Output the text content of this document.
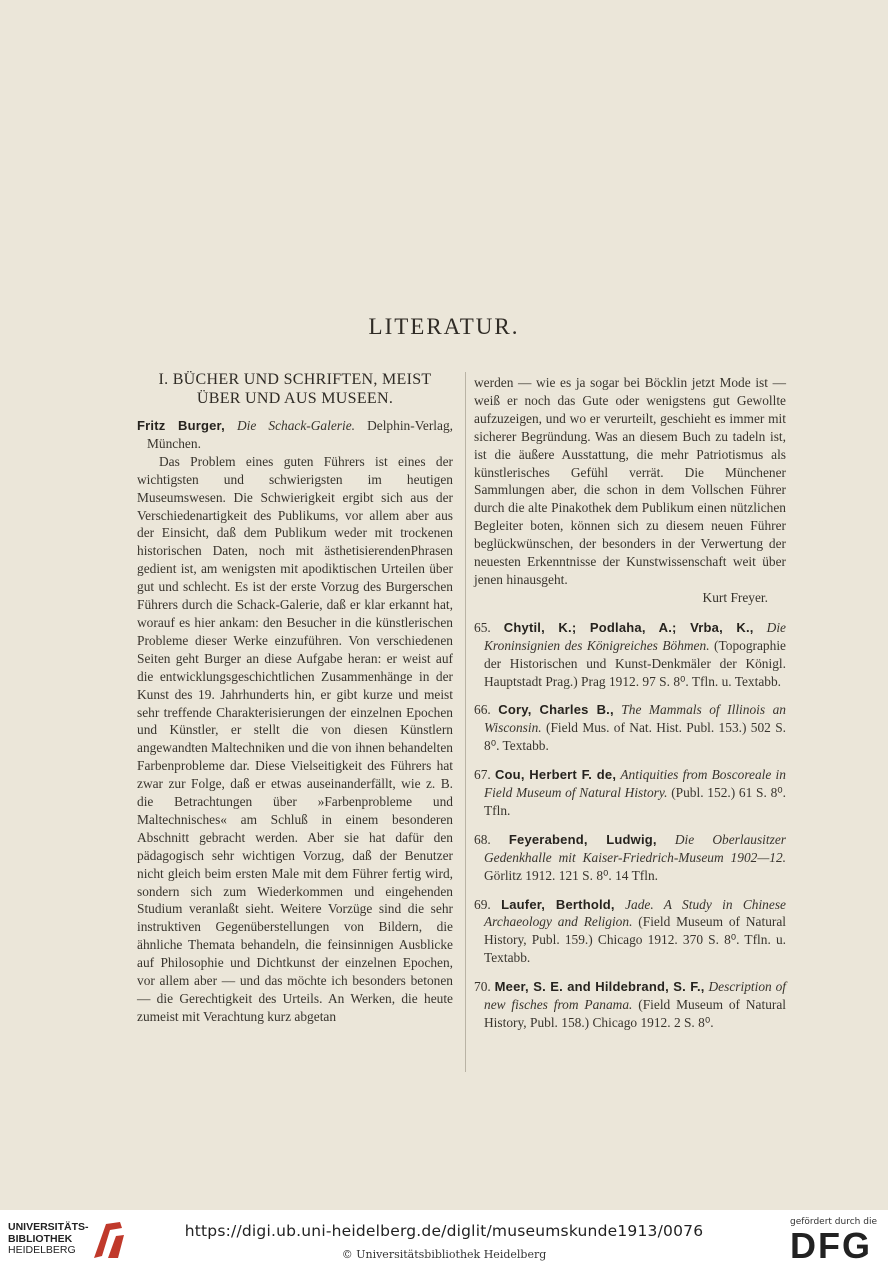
LITERATUR.
I. BÜCHER UND SCHRIFTEN, MEIST
ÜBER UND AUS MUSEEN.

Fritz Burger, Die Schack-Galerie. Delphin-Verlag, München.

Das Problem eines guten Führers ist eines der wichtigsten und schwierigsten im heutigen Museumswesen. Die Schwierigkeit ergibt sich aus der Verschiedenartigkeit des Publikums, vor allem aber aus der Einsicht, daß dem Publikum weder mit trockenen historischen Daten, noch mit ästhetisierendenPhrasen gedient ist, am wenigsten mit apodiktischen Urteilen über gut und schlecht. Es ist der erste Vorzug des Burgerschen Führers durch die Schack-Galerie, daß er klar erkannt hat, worauf es hier ankam: den Besucher in die künstlerischen Probleme dieser Werke einzuführen. Von verschiedenen Seiten geht Burger an diese Aufgabe heran: er weist auf die entwicklungsgeschichtlichen Zusammenhänge in der Kunst des 19. Jahrhunderts hin, er gibt kurze und meist sehr treffende Charakterisierungen der einzelnen Epochen und Künstler, er stellt die von diesen Künstlern angewandten Maltechniken und die von ihnen behandelten Farbenprobleme dar. Diese Vielseitigkeit des Führers hat zwar zur Folge, daß er etwas auseinanderfällt, wie z. B. die Betrachtungen über »Farbenprobleme und Maltechnisches« am Schluß in einem besonderen Abschnitt gebracht werden. Aber sie hat dafür den pädagogisch sehr wichtigen Vorzug, daß der Benutzer nicht gleich beim ersten Male mit dem Führer fertig wird, sondern sich zum Wiederkommen und eingehenden Studium veranlaßt sieht. Weitere Vorzüge sind die sehr instruktiven Gegenüberstellungen von Bildern, die ähnliche Themata behandeln, die feinsinnigen Ausblicke auf Philosophie und Dichtkunst der einzelnen Epochen, vor allem aber — und das möchte ich besonders betonen — die Gerechtigkeit des Urteils. An Werken, die heute zumeist mit Verachtung kurz abgetan

werden — wie es ja sogar bei Böcklin jetzt Mode ist — weiß er noch das Gute oder wenigstens gut Gewollte aufzuzeigen, und wo er verurteilt, geschieht es immer mit sicherer Begründung. Was an diesem Buch zu tadeln ist, ist die äußere Ausstattung, die mehr Patriotismus als künstlerisches Gefühl verrät. Die Münchener Sammlungen aber, die schon in dem Vollschen Führer durch die alte Pinakothek dem Publikum einen nützlichen Begleiter boten, können sich zu diesem neuen Führer beglückwünschen, der besonders in der Verwertung der neuesten Erkenntnisse der Kunstwissenschaft weit über jenen hinausgeht.

Kurt Freyer.

65. Chytil, K.; Podlaha, A.; Vrba, K., Die Kroninsignien des Königreiches Böhmen. (Topographie der Historischen und Kunst-Denkmäler der Königl. Hauptstadt Prag.) Prag 1912. 97 S. 8⁰. Tfln. u. Textabb.

66. Cory, Charles B., The Mammals of Illinois an Wisconsin. (Field Mus. of Nat. Hist. Publ. 153.) 502 S. 8⁰. Textabb.

67. Cou, Herbert F. de, Antiquities from Boscoreale in Field Museum of Natural History. (Publ. 152.) 61 S. 8⁰. Tfln.

68. Feyerabend, Ludwig, Die Oberlausitzer Gedenkhalle mit Kaiser-Friedrich-Museum 1902—12. Görlitz 1912. 121 S. 8⁰. 14 Tfln.

69. Laufer, Berthold, Jade. A Study in Chinese Archaeology and Religion. (Field Museum of Natural History, Publ. 159.) Chicago 1912. 370 S. 8⁰. Tfln. u. Textabb.

70. Meer, S. E. and Hildebrand, S. F., Description of new fisches from Panama. (Field Museum of Natural History, Publ. 158.) Chicago 1912. 2 S. 8⁰.

UNIVERSITÄTS-
BIBLIOTHEK
HEIDELBERG
https://digi.ub.uni-heidelberg.de/diglit/museumskunde1913/0076
© Universitätsbibliothek Heidelberg
gefördert durch die
DFG
